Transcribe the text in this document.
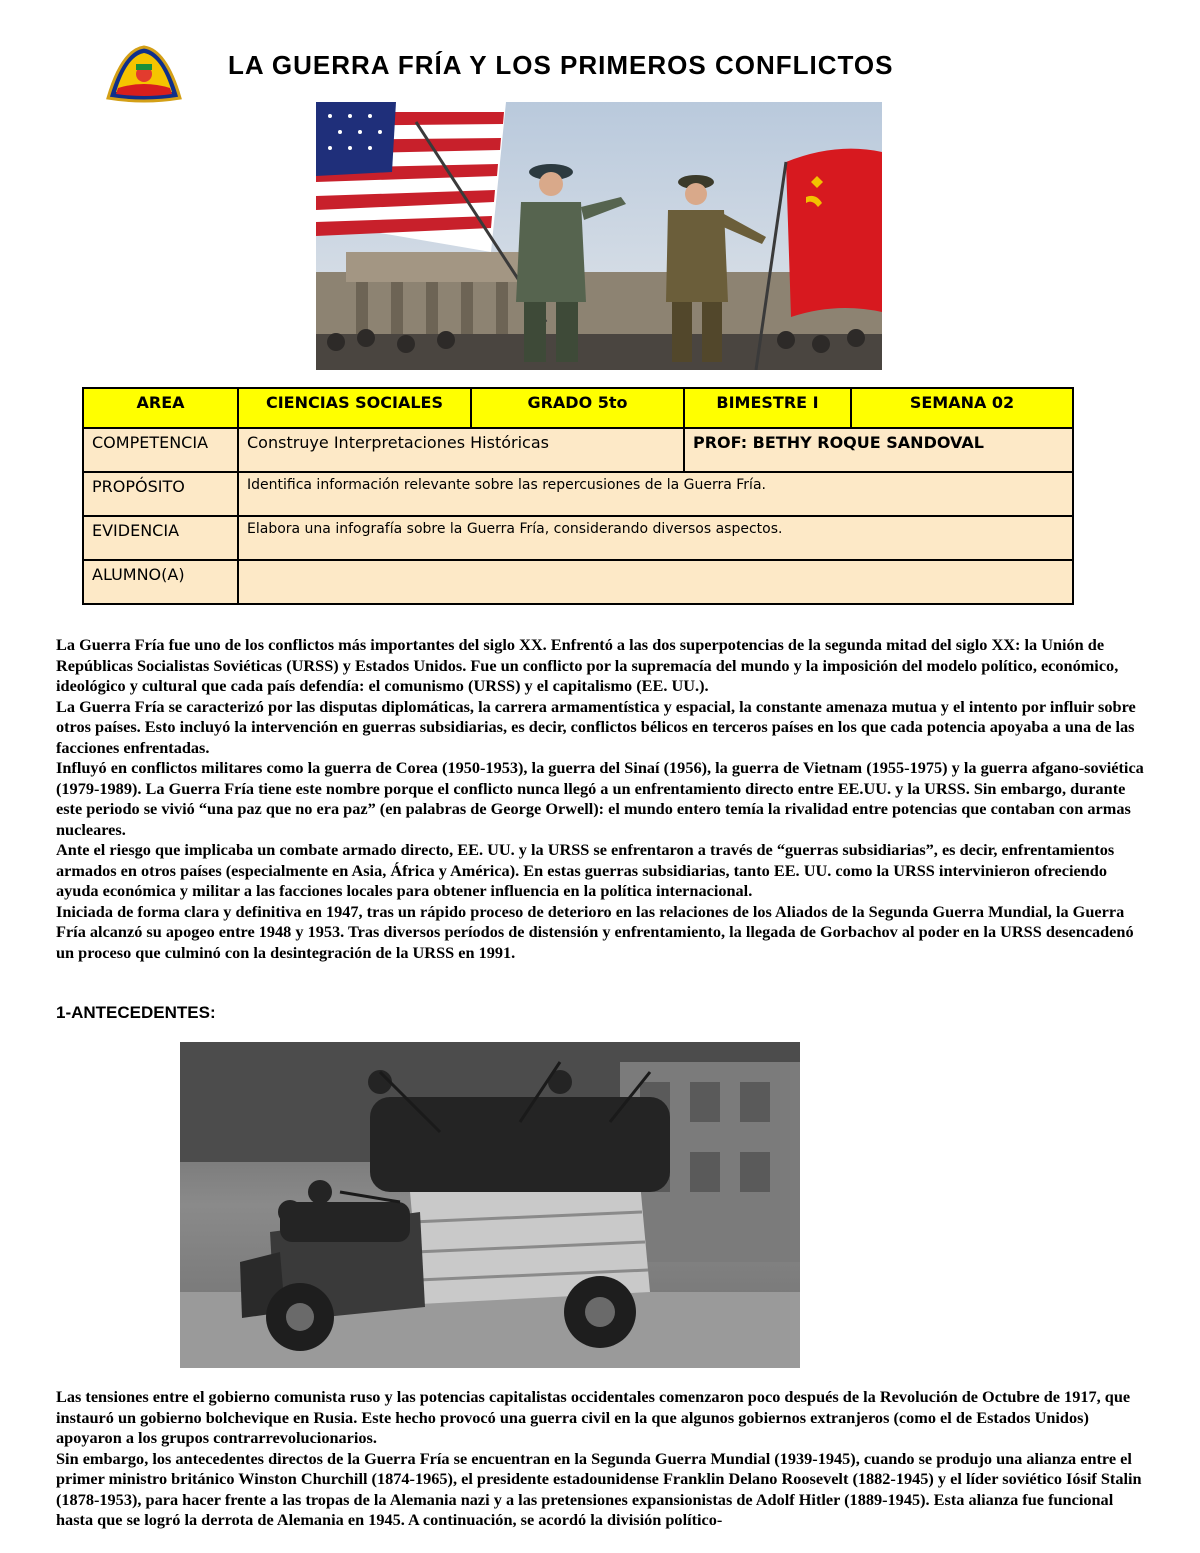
LA GUERRA FRÍA Y LOS PRIMEROS CONFLICTOS
AREA	CIENCIAS SOCIALES	GRADO 5to	BIMESTRE I	SEMANA 02
COMPETENCIA	Construye Interpretaciones Históricas		PROF: BETHY ROQUE SANDOVAL	
PROPÓSITO	Identifica información relevante sobre las repercusiones de la Guerra Fría.			
EVIDENCIA	Elabora una infografía sobre la Guerra Fría, considerando diversos aspectos.			
ALUMNO(A)				
La Guerra Fría fue uno de los conflictos más importantes del siglo XX. Enfrentó a las dos superpotencias de la segunda mitad del siglo XX: la Unión de Repúblicas Socialistas Soviéticas (URSS) y Estados Unidos. Fue un conflicto por la supremacía del mundo y la imposición del modelo político, económico, ideológico y cultural que cada país defendía: el comunismo (URSS) y el capitalismo (EE. UU.).
La Guerra Fría se caracterizó por las disputas diplomáticas, la carrera armamentística y espacial, la constante amenaza mutua y el intento por influir sobre otros países. Esto incluyó la intervención en guerras subsidiarias, es decir, conflictos bélicos en terceros países en los que cada potencia apoyaba a una de las facciones enfrentadas.
Influyó en conflictos militares como la guerra de Corea (1950-1953), la guerra del Sinaí (1956), la guerra de Vietnam (1955-1975) y la guerra afgano-soviética (1979-1989). La Guerra Fría tiene este nombre porque el conflicto nunca llegó a un enfrentamiento directo entre EE.UU. y la URSS. Sin embargo, durante este periodo se vivió “una paz que no era paz” (en palabras de George Orwell): el mundo entero temía la rivalidad entre potencias que contaban con armas nucleares.
Ante el riesgo que implicaba un combate armado directo, EE. UU. y la URSS se enfrentaron a través de “guerras subsidiarias”, es decir, enfrentamientos armados en otros países (especialmente en Asia, África y América). En estas guerras subsidiarias, tanto EE. UU. como la URSS intervinieron ofreciendo ayuda económica y militar a las facciones locales para obtener influencia en la política internacional.
Iniciada de forma clara y definitiva en 1947, tras un rápido proceso de deterioro en las relaciones de los Aliados de la Segunda Guerra Mundial, la Guerra Fría alcanzó su apogeo entre 1948 y 1953. Tras diversos períodos de distensión y enfrentamiento, la llegada de Gorbachov al poder en la URSS desencadenó un proceso que culminó con la desintegración de la URSS en 1991.
1-ANTECEDENTES:
Las tensiones entre el gobierno comunista ruso y las potencias capitalistas occidentales comenzaron poco después de la Revolución de Octubre de 1917, que instauró un gobierno bolchevique en Rusia. Este hecho provocó una guerra civil en la que algunos gobiernos extranjeros (como el de Estados Unidos) apoyaron a los grupos contrarrevolucionarios.
Sin embargo, los antecedentes directos de la Guerra Fría se encuentran en la Segunda Guerra Mundial (1939-1945), cuando se produjo una alianza entre el primer ministro británico Winston Churchill (1874-1965), el presidente estadounidense Franklin Delano Roosevelt (1882-1945) y el líder soviético Iósif Stalin (1878-1953), para hacer frente a las tropas de la Alemania nazi y a las pretensiones expansionistas de Adolf Hitler (1889-1945). Esta alianza fue funcional hasta que se logró la derrota de Alemania en 1945. A continuación, se acordó la división político-
